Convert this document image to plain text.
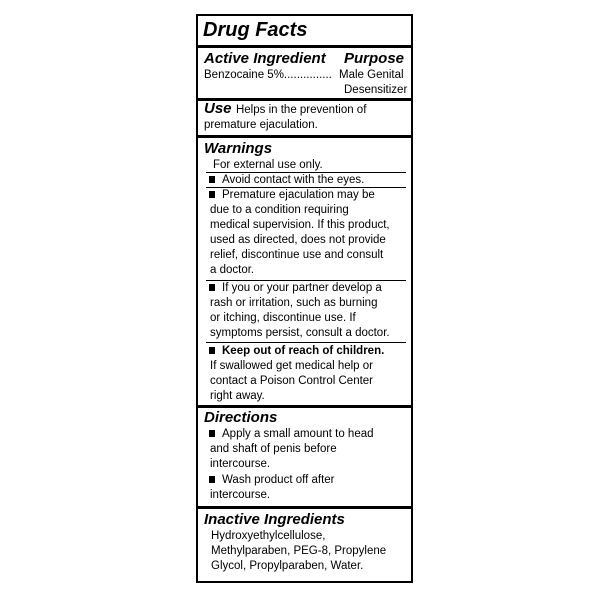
Drug Facts
Active Ingredient Purpose
Benzocaine 5%............... Male Genital
Desensitizer
Use Helps in the prevention of
premature ejaculation.
Warnings
For external use only.
Avoid contact with the eyes.
Premature ejaculation may be
due to a condition requiring
medical supervision. If this product,
used as directed, does not provide
relief, discontinue use and consult
a doctor.
If you or your partner develop a
rash or irritation, such as burning
or itching, discontinue use. If
symptoms persist, consult a doctor.
Keep out of reach of children.
If swallowed get medical help or
contact a Poison Control Center
right away.
Directions
Apply a small amount to head
and shaft of penis before
intercourse.
Wash product off after
intercourse.
Inactive Ingredients
Hydroxyethylcellulose,
Methylparaben, PEG-8, Propylene
Glycol, Propylparaben, Water.
